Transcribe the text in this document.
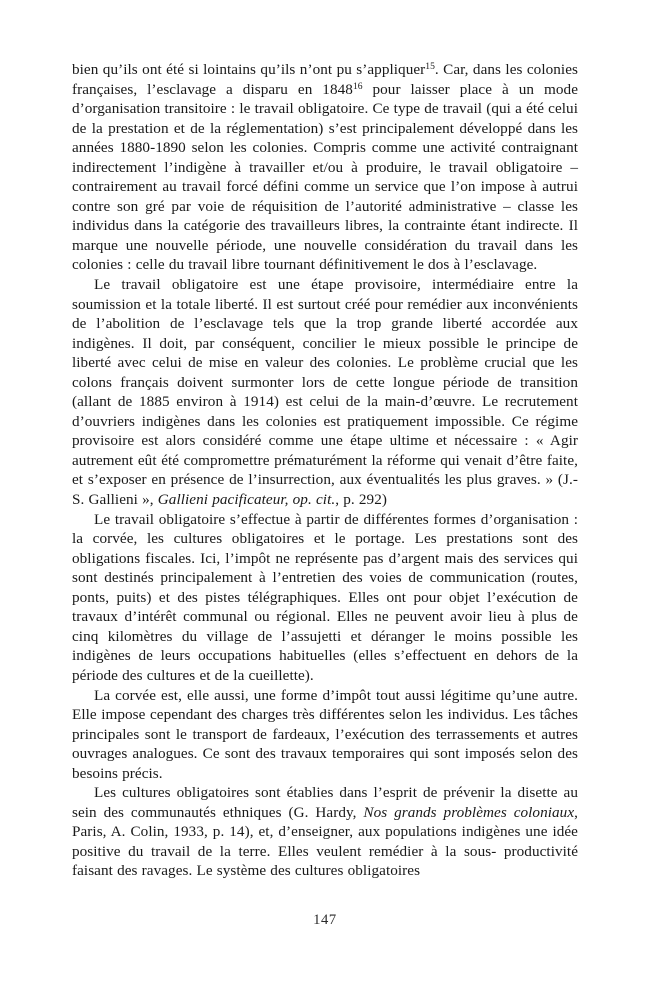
bien qu’ils ont été si lointains qu’ils n’ont pu s’appliquer$^{15}$. Car, dans les colonies françaises, l’esclavage a disparu en 1848$^{16}$ pour laisser place à un mode d’organisation transitoire : le travail obligatoire. Ce type de travail (qui a été celui de la prestation et de la réglementation) s’est principalement développé dans les années 1880-1890 selon les colonies. Compris comme une activité contraignant indirectement l’indigène à travailler et/ou à produire, le travail obligatoire – contrairement au travail forcé défini comme un service que l’on impose à autrui contre son gré par voie de réquisition de l’autorité administrative – classe les individus dans la catégorie des travailleurs libres, la contrainte étant indirecte. Il marque une nouvelle période, une nouvelle considération du travail dans les colonies : celle du travail libre tournant définitivement le dos à l’esclavage.

Le travail obligatoire est une étape provisoire, intermédiaire entre la soumission et la totale liberté. Il est surtout créé pour remédier aux inconvénients de l’abolition de l’esclavage tels que la trop grande liberté accordée aux indigènes. Il doit, par conséquent, concilier le mieux possible le principe de liberté avec celui de mise en valeur des colonies. Le problème crucial que les colons français doivent surmonter lors de cette longue période de transition (allant de 1885 environ à 1914) est celui de la main-d’œuvre. Le recrutement d’ouvriers indigènes dans les colonies est pratiquement impossible. Ce régime provisoire est alors considéré comme une étape ultime et nécessaire : « Agir autrement eût été compromettre prématurément la réforme qui venait d’être faite, et s’exposer en présence de l’insurrection, aux éventualités les plus graves. » (J.-S. Gallieni », Gallieni pacificateur, op. cit., p. 292)

Le travail obligatoire s’effectue à partir de différentes formes d’organisation : la corvée, les cultures obligatoires et le portage. Les prestations sont des obligations fiscales. Ici, l’impôt ne représente pas d’argent mais des services qui sont destinés principalement à l’entretien des voies de communication (routes, ponts, puits) et des pistes télégraphiques. Elles ont pour objet l’exécution de travaux d’intérêt communal ou régional. Elles ne peuvent avoir lieu à plus de cinq kilomètres du village de l’assujetti et déranger le moins possible les indigènes de leurs occupations habituelles (elles s’effectuent en dehors de la période des cultures et de la cueillette).

La corvée est, elle aussi, une forme d’impôt tout aussi légitime qu’une autre. Elle impose cependant des charges très différentes selon les individus. Les tâches principales sont le transport de fardeaux, l’exécution des terrassements et autres ouvrages analogues. Ce sont des travaux temporaires qui sont imposés selon des besoins précis.

Les cultures obligatoires sont établies dans l’esprit de prévenir la disette au sein des communautés ethniques (G. Hardy, Nos grands problèmes coloniaux, Paris, A. Colin, 1933, p. 14), et, d’enseigner, aux populations indigènes une idée positive du travail de la terre. Elles veulent remédier à la sous- productivité faisant des ravages. Le système des cultures obligatoires

147
